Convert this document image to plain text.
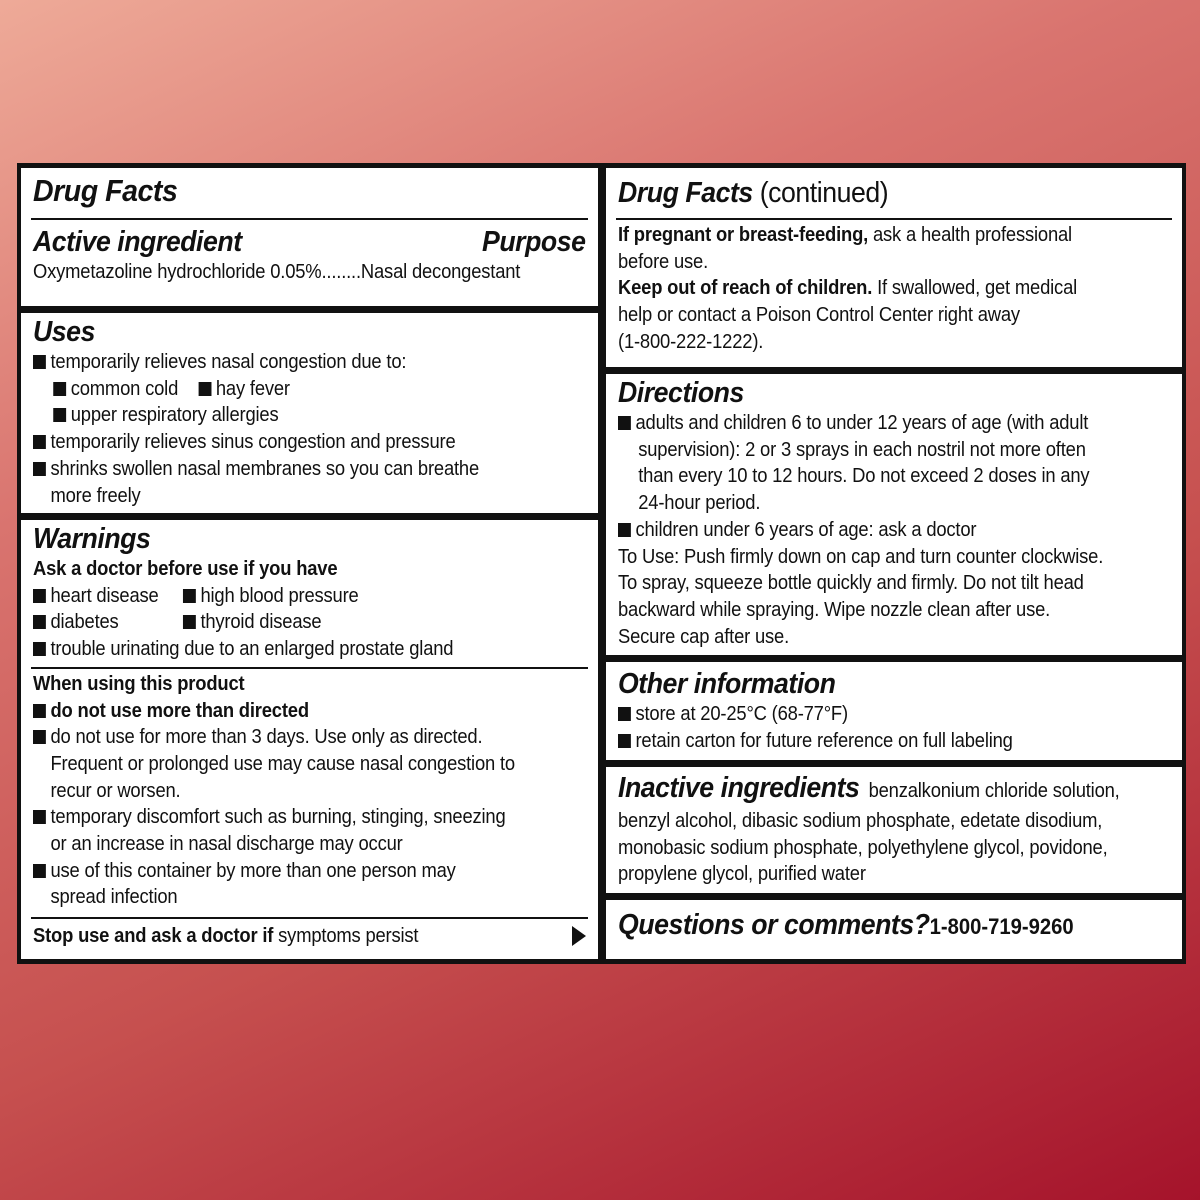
Drug Facts
Active ingredient	Purpose
Oxymetazoline hydrochloride 0.05%........Nasal decongestant
Uses
temporarily relieves nasal congestion due to:
common cold hay fever
upper respiratory allergies
temporarily relieves sinus congestion and pressure
shrinks swollen nasal membranes so you can breathe
more freely
Warnings
Ask a doctor before use if you have
heart disease high blood pressure
diabetes	thyroid disease
trouble urinating due to an enlarged prostate gland
When using this product
do not use more than directed
do not use for more than 3 days. Use only as directed.
Frequent or prolonged use may cause nasal congestion to
recur or worsen.
temporary discomfort such as burning, stinging, sneezing
or an increase in nasal discharge may occur
use of this container by more than one person may
spread infection
Stop use and ask a doctor if symptoms persist
Drug Facts (continued)
If pregnant or breast-feeding, ask a health professional
before use.
Keep out of reach of children. If swallowed, get medical
help or contact a Poison Control Center right away
(1-800-222-1222).
Directions
adults and children 6 to under 12 years of age (with adult
supervision): 2 or 3 sprays in each nostril not more often
than every 10 to 12 hours. Do not exceed 2 doses in any
24-hour period.
children under 6 years of age: ask a doctor
To Use: Push firmly down on cap and turn counter clockwise.
To spray, squeeze bottle quickly and firmly. Do not tilt head
backward while spraying. Wipe nozzle clean after use.
Secure cap after use.
Other information
store at 20-25°C (68-77°F)
retain carton for future reference on full labeling
Inactive ingredients benzalkonium chloride solution,
benzyl alcohol, dibasic sodium phosphate, edetate disodium,
monobasic sodium phosphate, polyethylene glycol, povidone,
propylene glycol, purified water
Questions or comments?1-800-719-9260
